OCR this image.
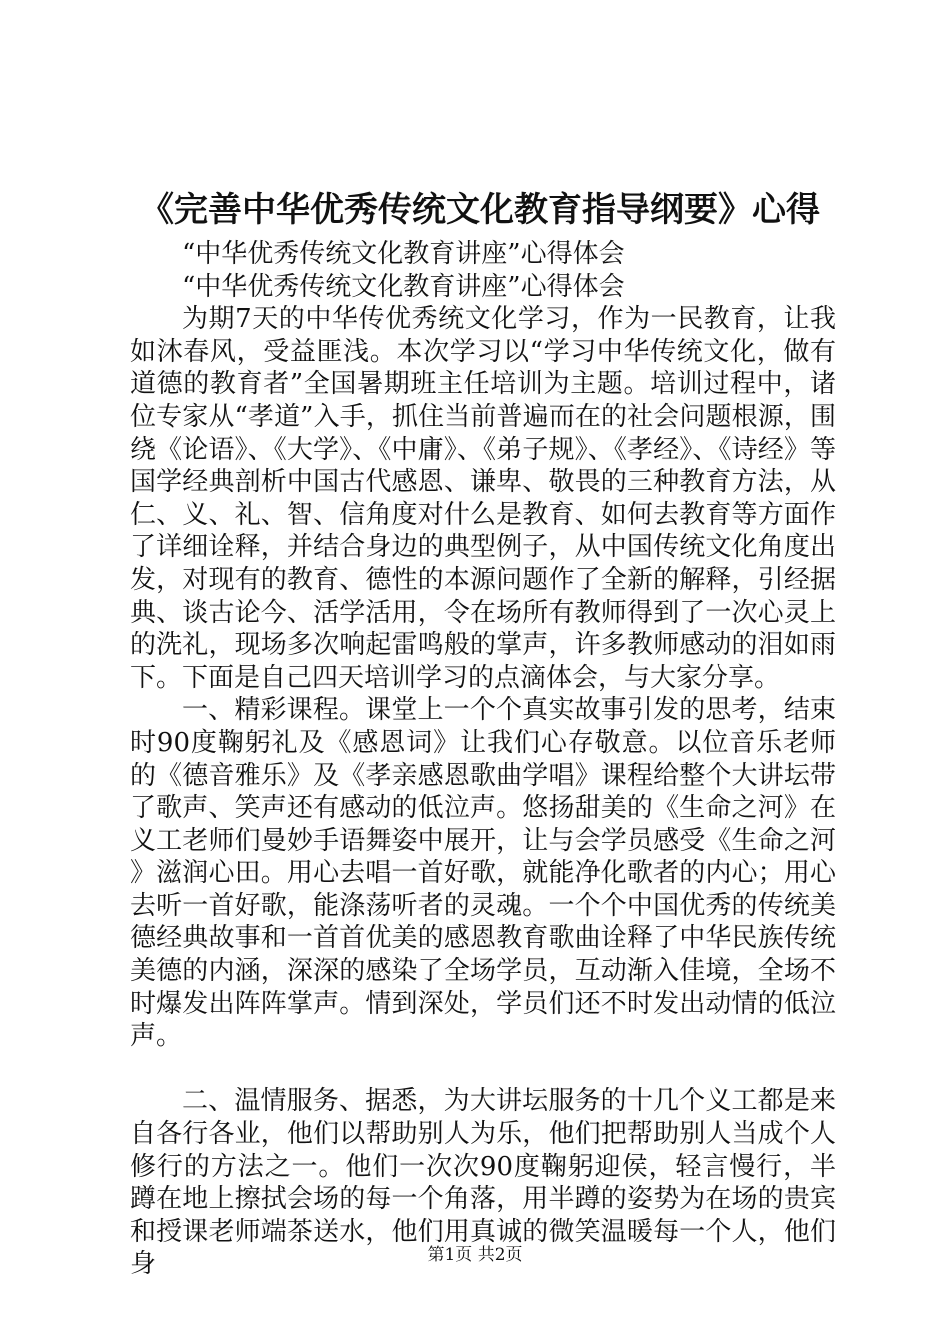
《完善中华优秀传统文化教育指导纲要》心得

“中华优秀传统文化教育讲座”心得体会

“中华优秀传统文化教育讲座”心得体会

为期7天的中华传优秀统文化学习，作为一民教育，让我如沐春风，受益匪浅。本次学习以“学习中华传统文化，做有道德的教育者”全国暑期班主任培训为主题。培训过程中，诸位专家从“孝道”入手，抓住当前普遍而在的社会问题根源，围绕《论语》、《大学》、《中庸》、《弟子规》、《孝经》、《诗经》等国学经典剖析中国古代感恩、谦卑、敬畏的三种教育方法，从仁、义、礼、智、信角度对什么是教育、如何去教育等方面作了详细诠释，并结合身边的典型例子，从中国传统文化角度出发，对现有的教育、德性的本源问题作了全新的解释，引经据典、谈古论今、活学活用，令在场所有教师得到了一次心灵上的洗礼，现场多次响起雷鸣般的掌声，许多教师感动的泪如雨下。下面是自己四天培训学习的点滴体会，与大家分享。

一、精彩课程。课堂上一个个真实故事引发的思考，结束时90度鞠躬礼及《感恩词》让我们心存敬意。以位音乐老师的《德音雅乐》及《孝亲感恩歌曲学唱》课程给整个大讲坛带了歌声、笑声还有感动的低泣声。悠扬甜美的《生命之河》在义工老师们曼妙手语舞姿中展开，让与会学员感受《生命之河》滋润心田。用心去唱一首好歌，就能净化歌者的内心；用心去听一首好歌，能涤荡听者的灵魂。一个个中国优秀的传统美德经典故事和一首首优美的感恩教育歌曲诠释了中华民族传统美德的内涵，深深的感染了全场学员，互动渐入佳境，全场不时爆发出阵阵掌声。情到深处，学员们还不时发出动情的低泣声。

二、温情服务、据悉，为大讲坛服务的十几个义工都是来自各行各业，他们以帮助别人为乐，他们把帮助别人当成个人修行的方法之一。他们一次次90度鞠躬迎侯，轻言慢行，半蹲在地上擦拭会场的每一个角落，用半蹲的姿势为在场的贵宾和授课老师端茶送水，他们用真诚的微笑温暖每一个人，他们身	第1页 共2页
